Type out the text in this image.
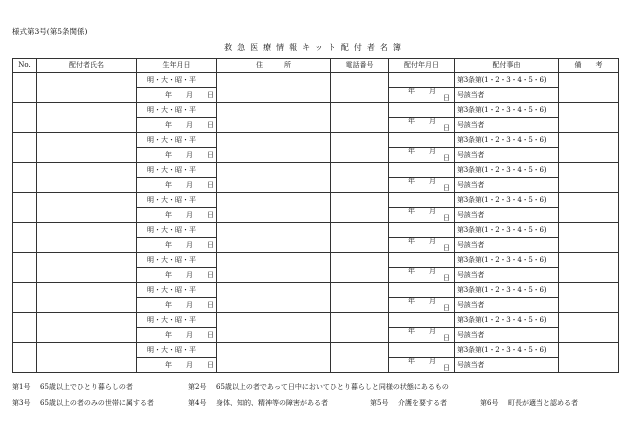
様式第3号(第5条関係)
救急医療情報キット配付者名簿
No.	配付者氏名	生年月日	住　　　所	電話番号	配付年月日	配付事由	備　　考
		明・大・昭・平				第3条第(1・2・3・4・5・6)	
		年 月 日			年 月日	号該当者	
		明・大・昭・平				第3条第(1・2・3・4・5・6)	
		年 月 日			年 月日	号該当者	
		明・大・昭・平				第3条第(1・2・3・4・5・6)	
		年 月 日			年 月日	号該当者	
		明・大・昭・平				第3条第(1・2・3・4・5・6)	
		年 月 日			年 月日	号該当者	
		明・大・昭・平				第3条第(1・2・3・4・5・6)	
		年 月 日			年 月日	号該当者	
		明・大・昭・平				第3条第(1・2・3・4・5・6)	
		年 月 日			年 月日	号該当者	
		明・大・昭・平				第3条第(1・2・3・4・5・6)	
		年 月 日			年 月日	号該当者	
		明・大・昭・平				第3条第(1・2・3・4・5・6)	
		年 月 日			年 月日	号該当者	
		明・大・昭・平				第3条第(1・2・3・4・5・6)	
		年 月 日			年 月日	号該当者	
		明・大・昭・平				第3条第(1・2・3・4・5・6)	
		年 月 日			年 月日	号該当者	
第1号 65歳以上でひとり暮らしの者	第2号 65歳以上の者であって日中においてひとり暮らしと同様の状態にあるもの
第3号 65歳以上の者のみの世帯に属する者	第4号 身体、知的、精神等の障害がある者	第5号 介護を要する者	第6号 町長が適当と認める者
